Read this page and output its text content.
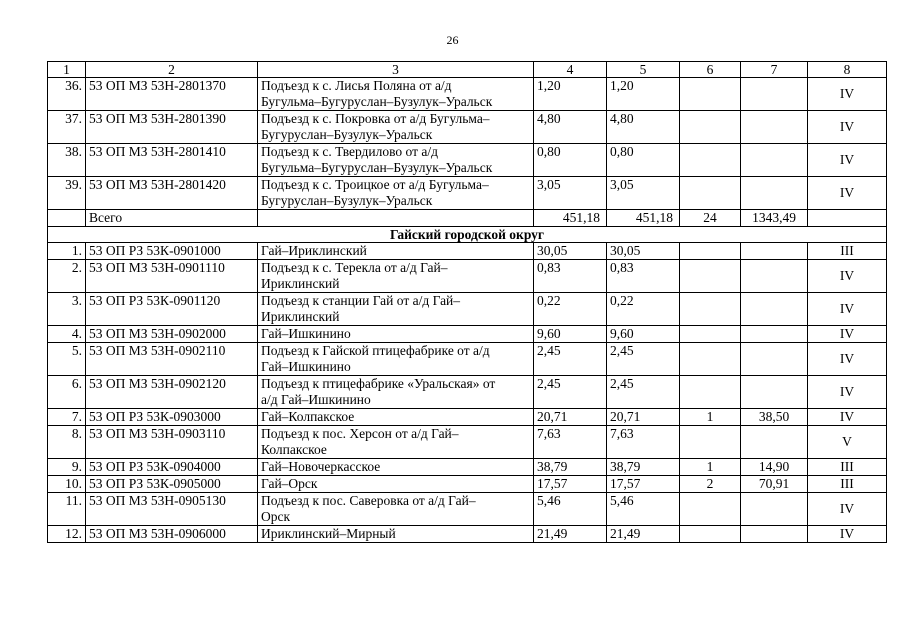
26
1	2	3	4	5	6	7	8
36.	53 ОП МЗ 53Н-2801370	Подъезд к с. Лисья Поляна от а/д
Бугульма–Бугуруслан–Бузулук–Уральск	1,20	1,20			IV
37.	53 ОП МЗ 53Н-2801390	Подъезд к с. Покровка от а/д Бугульма–
Бугуруслан–Бузулук–Уральск	4,80	4,80			IV
38.	53 ОП МЗ 53Н-2801410	Подъезд к с. Твердилово от а/д
Бугульма–Бугуруслан–Бузулук–Уральск	0,80	0,80			IV
39.	53 ОП МЗ 53Н-2801420	Подъезд к с. Троицкое от а/д Бугульма–
Бугуруслан–Бузулук–Уральск	3,05	3,05			IV
	Всего		451,18	451,18	24	1343,49	
Гайский городской округ							
1.	53 ОП РЗ 53К-0901000	Гай–Ириклинский	30,05	30,05			III
2.	53 ОП МЗ 53Н-0901110	Подъезд к с. Терекла от а/д Гай–
Ириклинский	0,83	0,83			IV
3.	53 ОП РЗ 53К-0901120	Подъезд к станции Гай от а/д Гай–
Ириклинский	0,22	0,22			IV
4.	53 ОП МЗ 53Н-0902000	Гай–Ишкинино	9,60	9,60			IV
5.	53 ОП МЗ 53Н-0902110	Подъезд к Гайской птицефабрике от а/д
Гай–Ишкинино	2,45	2,45			IV
6.	53 ОП МЗ 53Н-0902120	Подъезд к птицефабрике «Уральская» от
а/д Гай–Ишкинино	2,45	2,45			IV
7.	53 ОП РЗ 53К-0903000	Гай–Колпакское	20,71	20,71	1	38,50	IV
8.	53 ОП МЗ 53Н-0903110	Подъезд к пос. Херсон от а/д Гай–
Колпакское	7,63	7,63			V
9.	53 ОП РЗ 53К-0904000	Гай–Новочеркасское	38,79	38,79	1	14,90	III
10.	53 ОП РЗ 53К-0905000	Гай–Орск	17,57	17,57	2	70,91	III
11.	53 ОП МЗ 53Н-0905130	Подъезд к пос. Саверовка от а/д Гай–
Орск	5,46	5,46			IV
12.	53 ОП МЗ 53Н-0906000	Ириклинский–Мирный	21,49	21,49			IV
